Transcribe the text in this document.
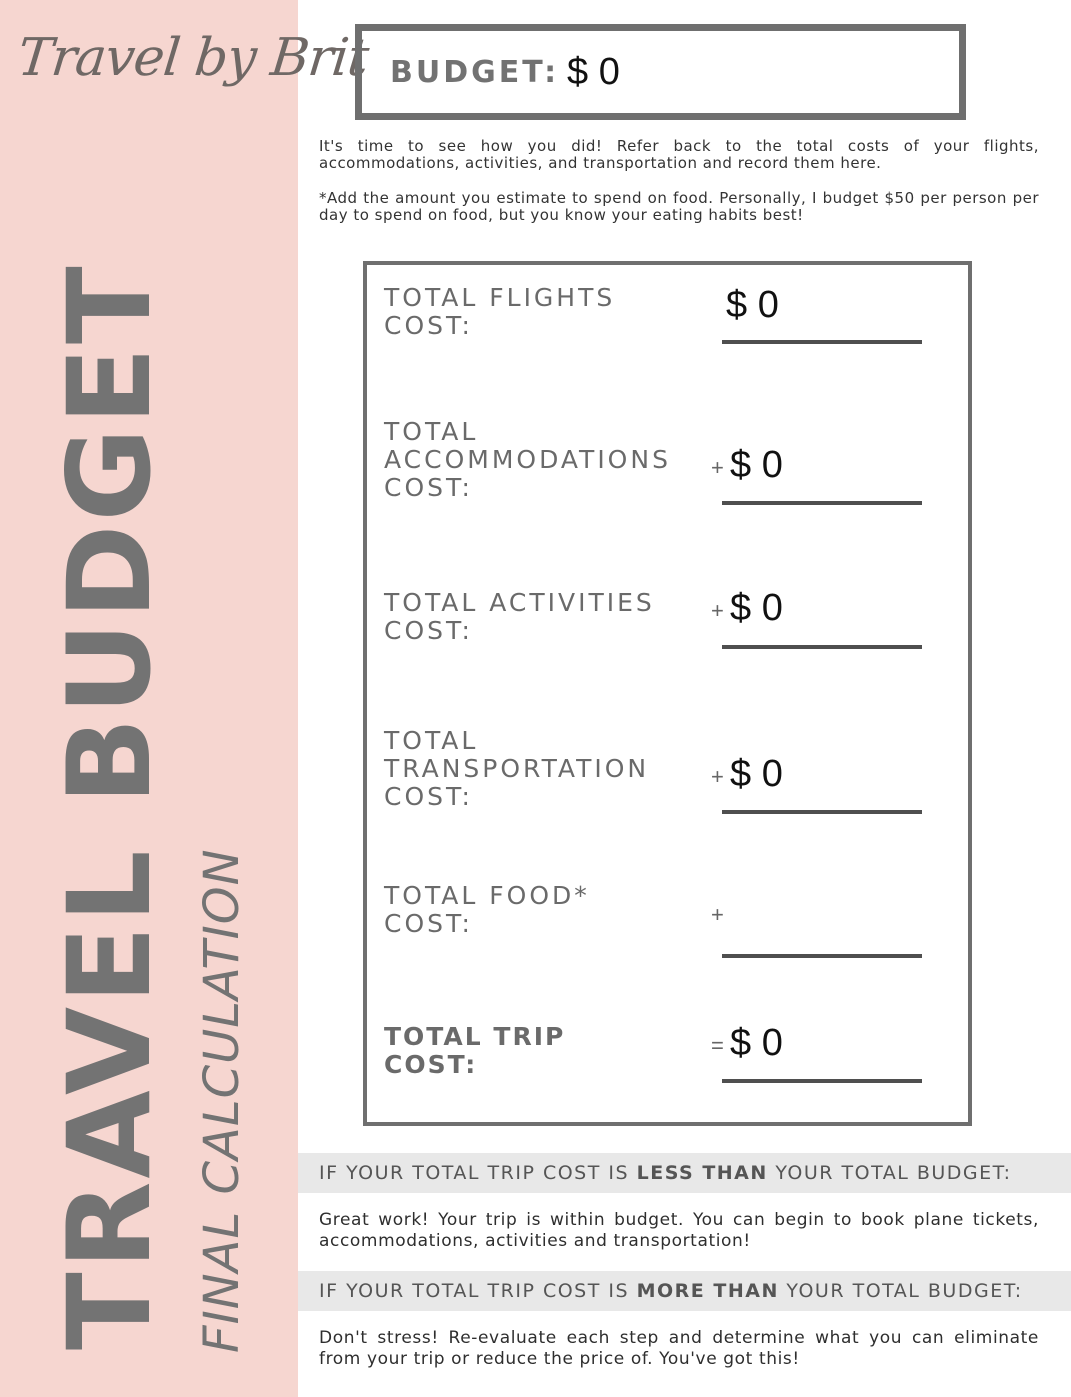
Travel by Brit
TRAVEL BUDGET FINAL CALCULATION
BUDGET: $ 0
It's time to see how you did! Refer back to the total costs of your flights, accommodations, activities, and transportation and record them here.
*Add the amount you estimate to spend on food. Personally, I budget $50 per person per day to spend on food, but you know your eating habits best!
TOTAL FLIGHTS
COST:	$ 0
TOTAL
ACCOMMODATIONS
COST:
+ $ 0
TOTAL ACTIVITIES
COST:
+ $ 0
TOTAL
TRANSPORTATION
COST:
+ $ 0
TOTAL FOOD*
COST:	+
TOTAL TRIP
COST:
= $ 0
IF YOUR TOTAL TRIP COST IS LESS THAN YOUR TOTAL BUDGET:
Great work! Your trip is within budget. You can begin to book plane tickets, accommodations, activities and transportation!
IF YOUR TOTAL TRIP COST IS MORE THAN YOUR TOTAL BUDGET:
Don't stress! Re-evaluate each step and determine what you can eliminate from your trip or reduce the price of. You've got this!
